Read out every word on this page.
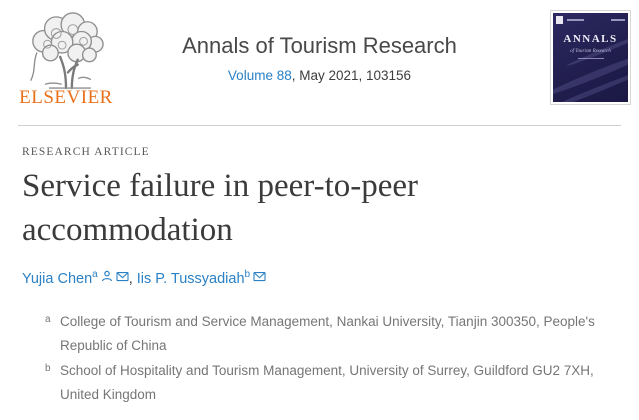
ELSEVIER
Annals of Tourism Research
Volume 88, May 2021, 103156
ANNALS
of Tourism Research
RESEARCH ARTICLE
Service failure in peer-to-peer accommodation
Yujia Chen$^a$ , Iis P. Tussyadiah$^b$
a College of Tourism and Service Management, Nankai University, Tianjin 300350, People's Republic of China
b School of Hospitality and Tourism Management, University of Surrey, Guildford GU2 7XH, United Kingdom
